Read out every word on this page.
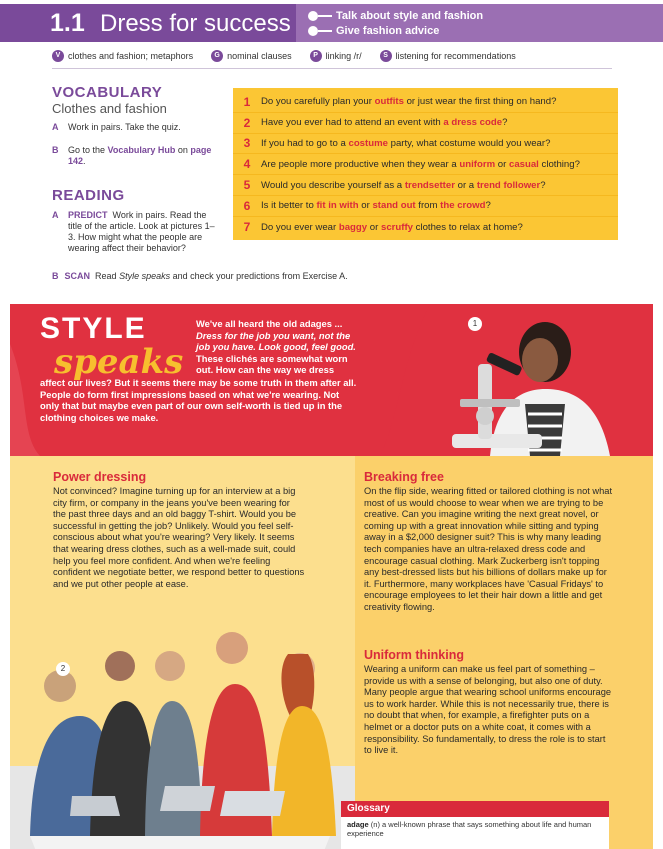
1.1 Dress for success	Talk about style and fashion
Give fashion advice
V clothes and fashion; metaphors	G nominal clauses	P linking /r/	S listening for recommendations
VOCABULARY
Clothes and fashion
A Work in pairs. Take the quiz.
B Go to the Vocabulary Hub on page 142.
READING
A PREDICT Work in pairs. Read the title of the article. Look at pictures 1–3. How might what the people are wearing affect their behavior?
1	Do you carefully plan your outfits or just wear the first thing on hand?
2	Have you ever had to attend an event with a dress code?
3	If you had to go to a costume party, what costume would you wear?
4	Are people more productive when they wear a uniform or casual clothing?
5	Would you describe yourself as a trendsetter or a trend follower?
6	Is it better to fit in with or stand out from the crowd?
7	Do you ever wear baggy or scruffy clothes to relax at home?
B SCAN Read Style speaks and check your predictions from Exercise A.
STYLE
speaks
We've all heard the old adages ... Dress for the job you want, not the job you have. Look good, feel good. These clichés are somewhat worn out. How can the way we dress
affect our lives? But it seems there may be some truth in them after all. People do form first impressions based on what we're wearing. Not only that but maybe even part of our own self-worth is tied up in the clothing choices we make.
1
2
Power dressing
Not convinced? Imagine turning up for an interview at a big city firm, or company in the jeans you've been wearing for the past three days and an old baggy T-shirt. Would you be successful in getting the job? Unlikely. Would you feel self-conscious about what you're wearing? Very likely. It seems that wearing dress clothes, such as a well-made suit, could help you feel more confident. And when we're feeling confident we negotiate better, we respond better to questions and we put other people at ease.
Breaking free
On the flip side, wearing fitted or tailored clothing is not what most of us would choose to wear when we are trying to be creative. Can you imagine writing the next great novel, or coming up with a great innovation while sitting and typing away in a $2,000 designer suit? This is why many leading tech companies have an ultra-relaxed dress code and encourage casual clothing. Mark Zuckerberg isn't topping any best-dressed lists but his billions of dollars make up for it. Furthermore, many workplaces have 'Casual Fridays' to encourage employees to let their hair down a little and get creativity flowing.
Uniform thinking
Wearing a uniform can make us feel part of something – provide us with a sense of belonging, but also one of duty. Many people argue that wearing school uniforms encourage us to work harder. While this is not necessarily true, there is no doubt that when, for example, a firefighter puts on a helmet or a doctor puts on a white coat, it comes with a responsibility. So fundamentally, to dress the role is to start to live it.
Glossary
adage (n) a well-known phrase that says something about life and human experience
